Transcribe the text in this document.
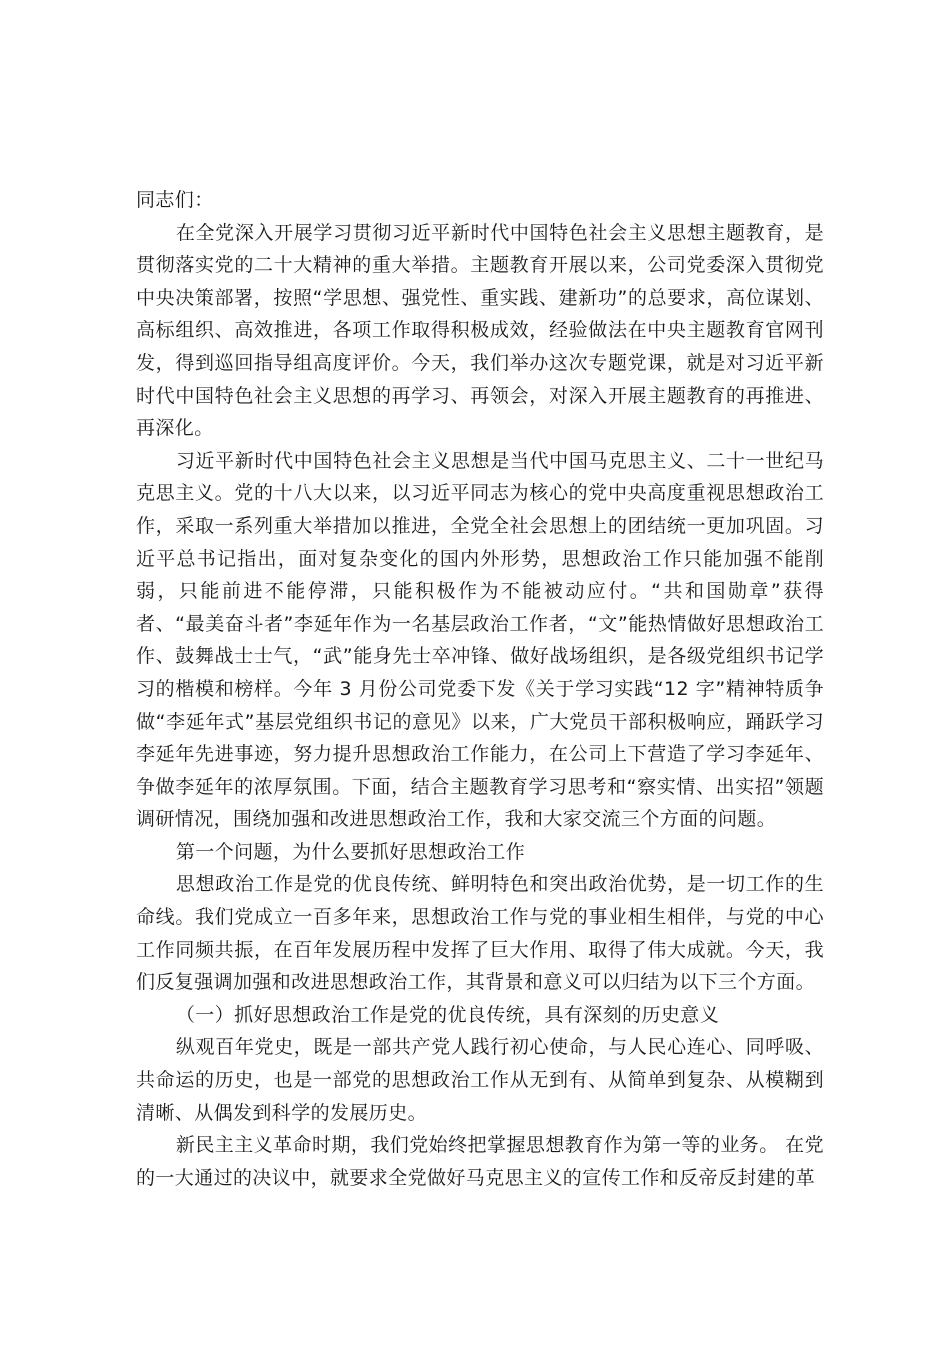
同志们：

在全党深入开展学习贯彻习近平新时代中国特色社会主义思想主题教育，是贯彻落实党的二十大精神的重大举措。主题教育开展以来，公司党委深入贯彻党中央决策部署，按照“学思想、强党性、重实践、建新功”的总要求，高位谋划、高标组织、高效推进，各项工作取得积极成效，经验做法在中央主题教育官网刊发，得到巡回指导组高度评价。今天，我们举办这次专题党课，就是对习近平新时代中国特色社会主义思想的再学习、再领会，对深入开展主题教育的再推进、再深化。

习近平新时代中国特色社会主义思想是当代中国马克思主义、二十一世纪马克思主义。党的十八大以来，以习近平同志为核心的党中央高度重视思想政治工作，采取一系列重大举措加以推进，全党全社会思想上的团结统一更加巩固。习近平总书记指出，面对复杂变化的国内外形势，思想政治工作只能加强不能削弱，只能前进不能停滞，只能积极作为不能被动应付。“共和国勋章”获得者、“最美奋斗者”李延年作为一名基层政治工作者，“文”能热情做好思想政治工作、鼓舞战士士气，“武”能身先士卒冲锋、做好战场组织，是各级党组织书记学习的楷模和榜样。今年 3 月份公司党委下发《关于学习实践“12 字”精神特质争做“李延年式”基层党组织书记的意见》以来，广大党员干部积极响应，踊跃学习李延年先进事迹，努力提升思想政治工作能力，在公司上下营造了学习李延年、争做李延年的浓厚氛围。下面，结合主题教育学习思考和“察实情、出实招”领题调研情况，围绕加强和改进思想政治工作，我和大家交流三个方面的问题。

第一个问题，为什么要抓好思想政治工作

思想政治工作是党的优良传统、鲜明特色和突出政治优势，是一切工作的生命线。我们党成立一百多年来，思想政治工作与党的事业相生相伴，与党的中心工作同频共振，在百年发展历程中发挥了巨大作用、取得了伟大成就。今天，我们反复强调加强和改进思想政治工作，其背景和意义可以归结为以下三个方面。

（一）抓好思想政治工作是党的优良传统，具有深刻的历史意义

纵观百年党史，既是一部共产党人践行初心使命，与人民心连心、同呼吸、共命运的历史，也是一部党的思想政治工作从无到有、从简单到复杂、从模糊到清晰、从偶发到科学的发展历史。

新民主主义革命时期，我们党始终把掌握思想教育作为第一等的业务。 在党的一大通过的决议中，就要求全党做好马克思主义的宣传工作和反帝反封建的革
